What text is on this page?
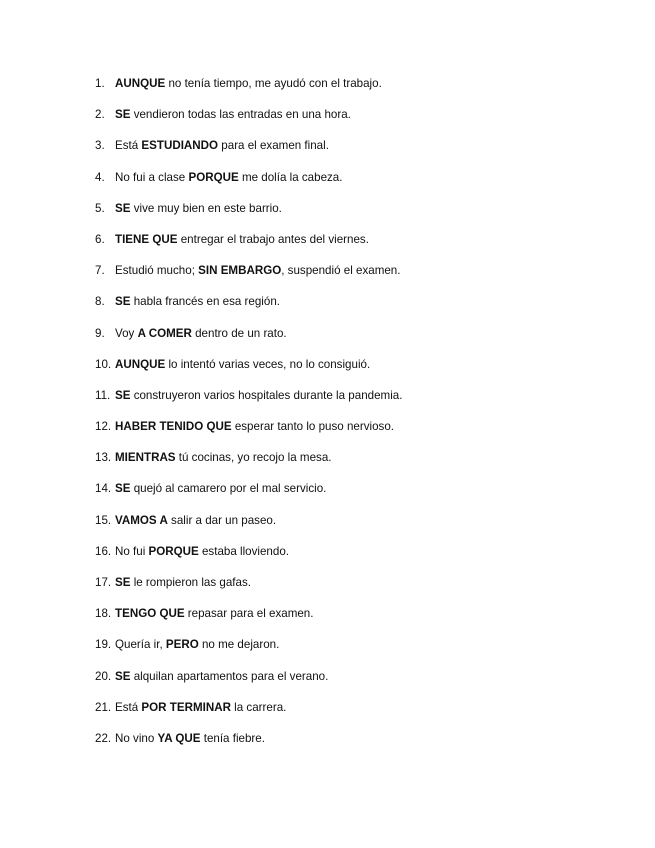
1. AUNQUE no tenía tiempo, me ayudó con el trabajo.
2. SE vendieron todas las entradas en una hora.
3. Está ESTUDIANDO para el examen final.
4. No fui a clase PORQUE me dolía la cabeza.
5. SE vive muy bien en este barrio.
6. TIENE QUE entregar el trabajo antes del viernes.
7. Estudió mucho; SIN EMBARGO, suspendió el examen.
8. SE habla francés en esa región.
9. Voy A COMER dentro de un rato.
10. AUNQUE lo intentó varias veces, no lo consiguió.
11. SE construyeron varios hospitales durante la pandemia.
12. HABER TENIDO QUE esperar tanto lo puso nervioso.
13. MIENTRAS tú cocinas, yo recojo la mesa.
14. SE quejó al camarero por el mal servicio.
15. VAMOS A salir a dar un paseo.
16. No fui PORQUE estaba lloviendo.
17. SE le rompieron las gafas.
18. TENGO QUE repasar para el examen.
19. Quería ir, PERO no me dejaron.
20. SE alquilan apartamentos para el verano.
21. Está POR TERMINAR la carrera.
22. No vino YA QUE tenía fiebre.
